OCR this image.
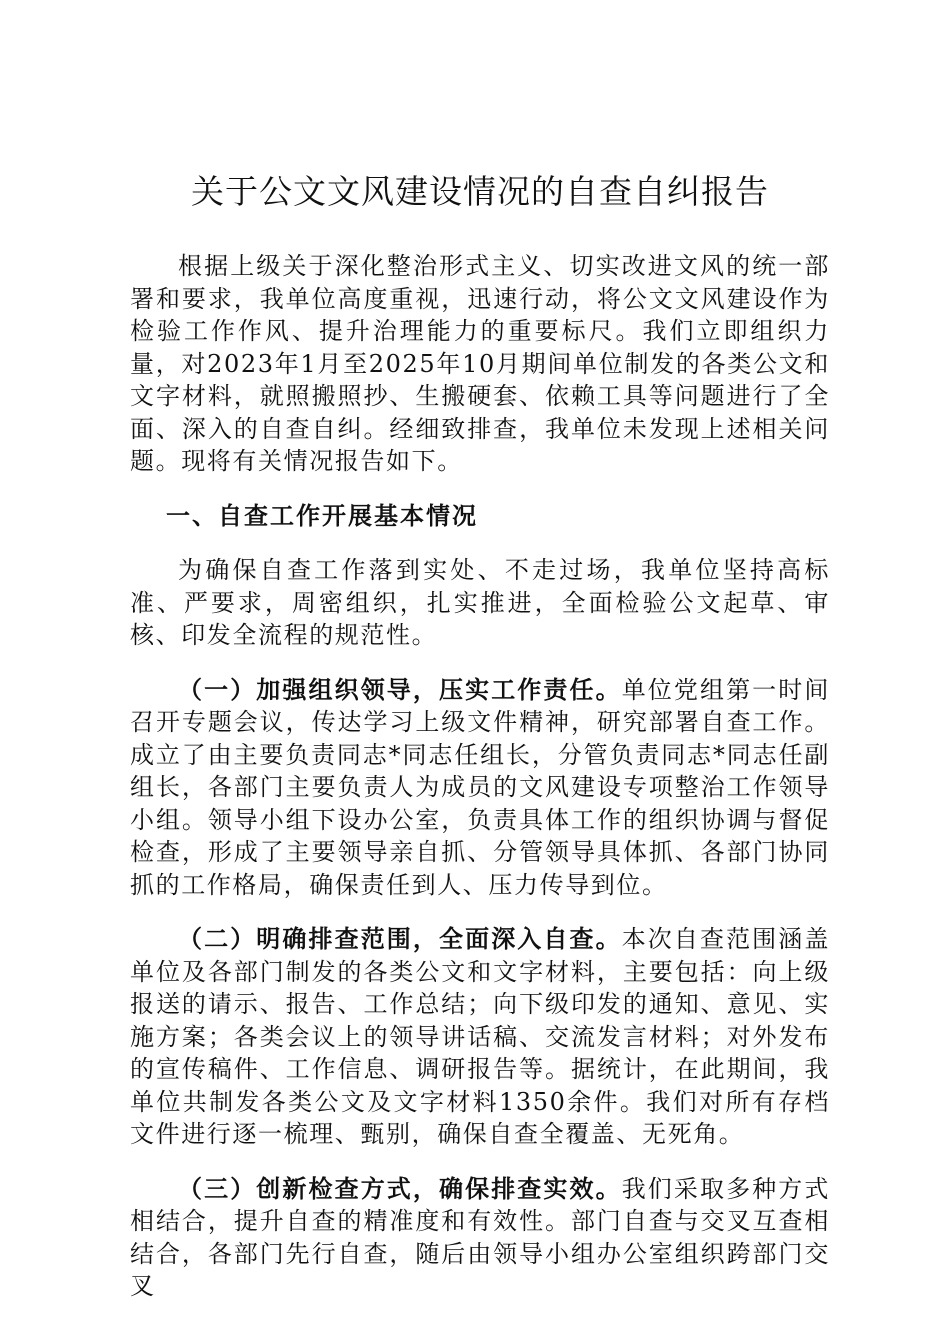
关于公文文风建设情况的自查自纠报告

根据上级关于深化整治形式主义、切实改进文风的统一部署和要求，我单位高度重视，迅速行动，将公文文风建设作为检验工作作风、提升治理能力的重要标尺。我们立即组织力量，对2023年1月至2025年10月期间单位制发的各类公文和文字材料，就照搬照抄、生搬硬套、依赖工具等问题进行了全面、深入的自查自纠。经细致排查，我单位未发现上述相关问题。现将有关情况报告如下。

一、自查工作开展基本情况

为确保自查工作落到实处、不走过场，我单位坚持高标准、严要求，周密组织，扎实推进，全面检验公文起草、审核、印发全流程的规范性。

（一）加强组织领导，压实工作责任。单位党组第一时间召开专题会议，传达学习上级文件精神，研究部署自查工作。成立了由主要负责同志*同志任组长，分管负责同志*同志任副组长，各部门主要负责人为成员的文风建设专项整治工作领导小组。领导小组下设办公室，负责具体工作的组织协调与督促检查，形成了主要领导亲自抓、分管领导具体抓、各部门协同抓的工作格局，确保责任到人、压力传导到位。

（二）明确排查范围，全面深入自查。本次自查范围涵盖单位及各部门制发的各类公文和文字材料，主要包括：向上级报送的请示、报告、工作总结；向下级印发的通知、意见、实施方案；各类会议上的领导讲话稿、交流发言材料；对外发布的宣传稿件、工作信息、调研报告等。据统计，在此期间，我单位共制发各类公文及文字材料1350余件。我们对所有存档文件进行逐一梳理、甄别，确保自查全覆盖、无死角。

（三）创新检查方式，确保排查实效。我们采取多种方式相结合，提升自查的精准度和有效性。部门自查与交叉互查相结合，各部门先行自查，随后由领导小组办公室组织跨部门交叉
